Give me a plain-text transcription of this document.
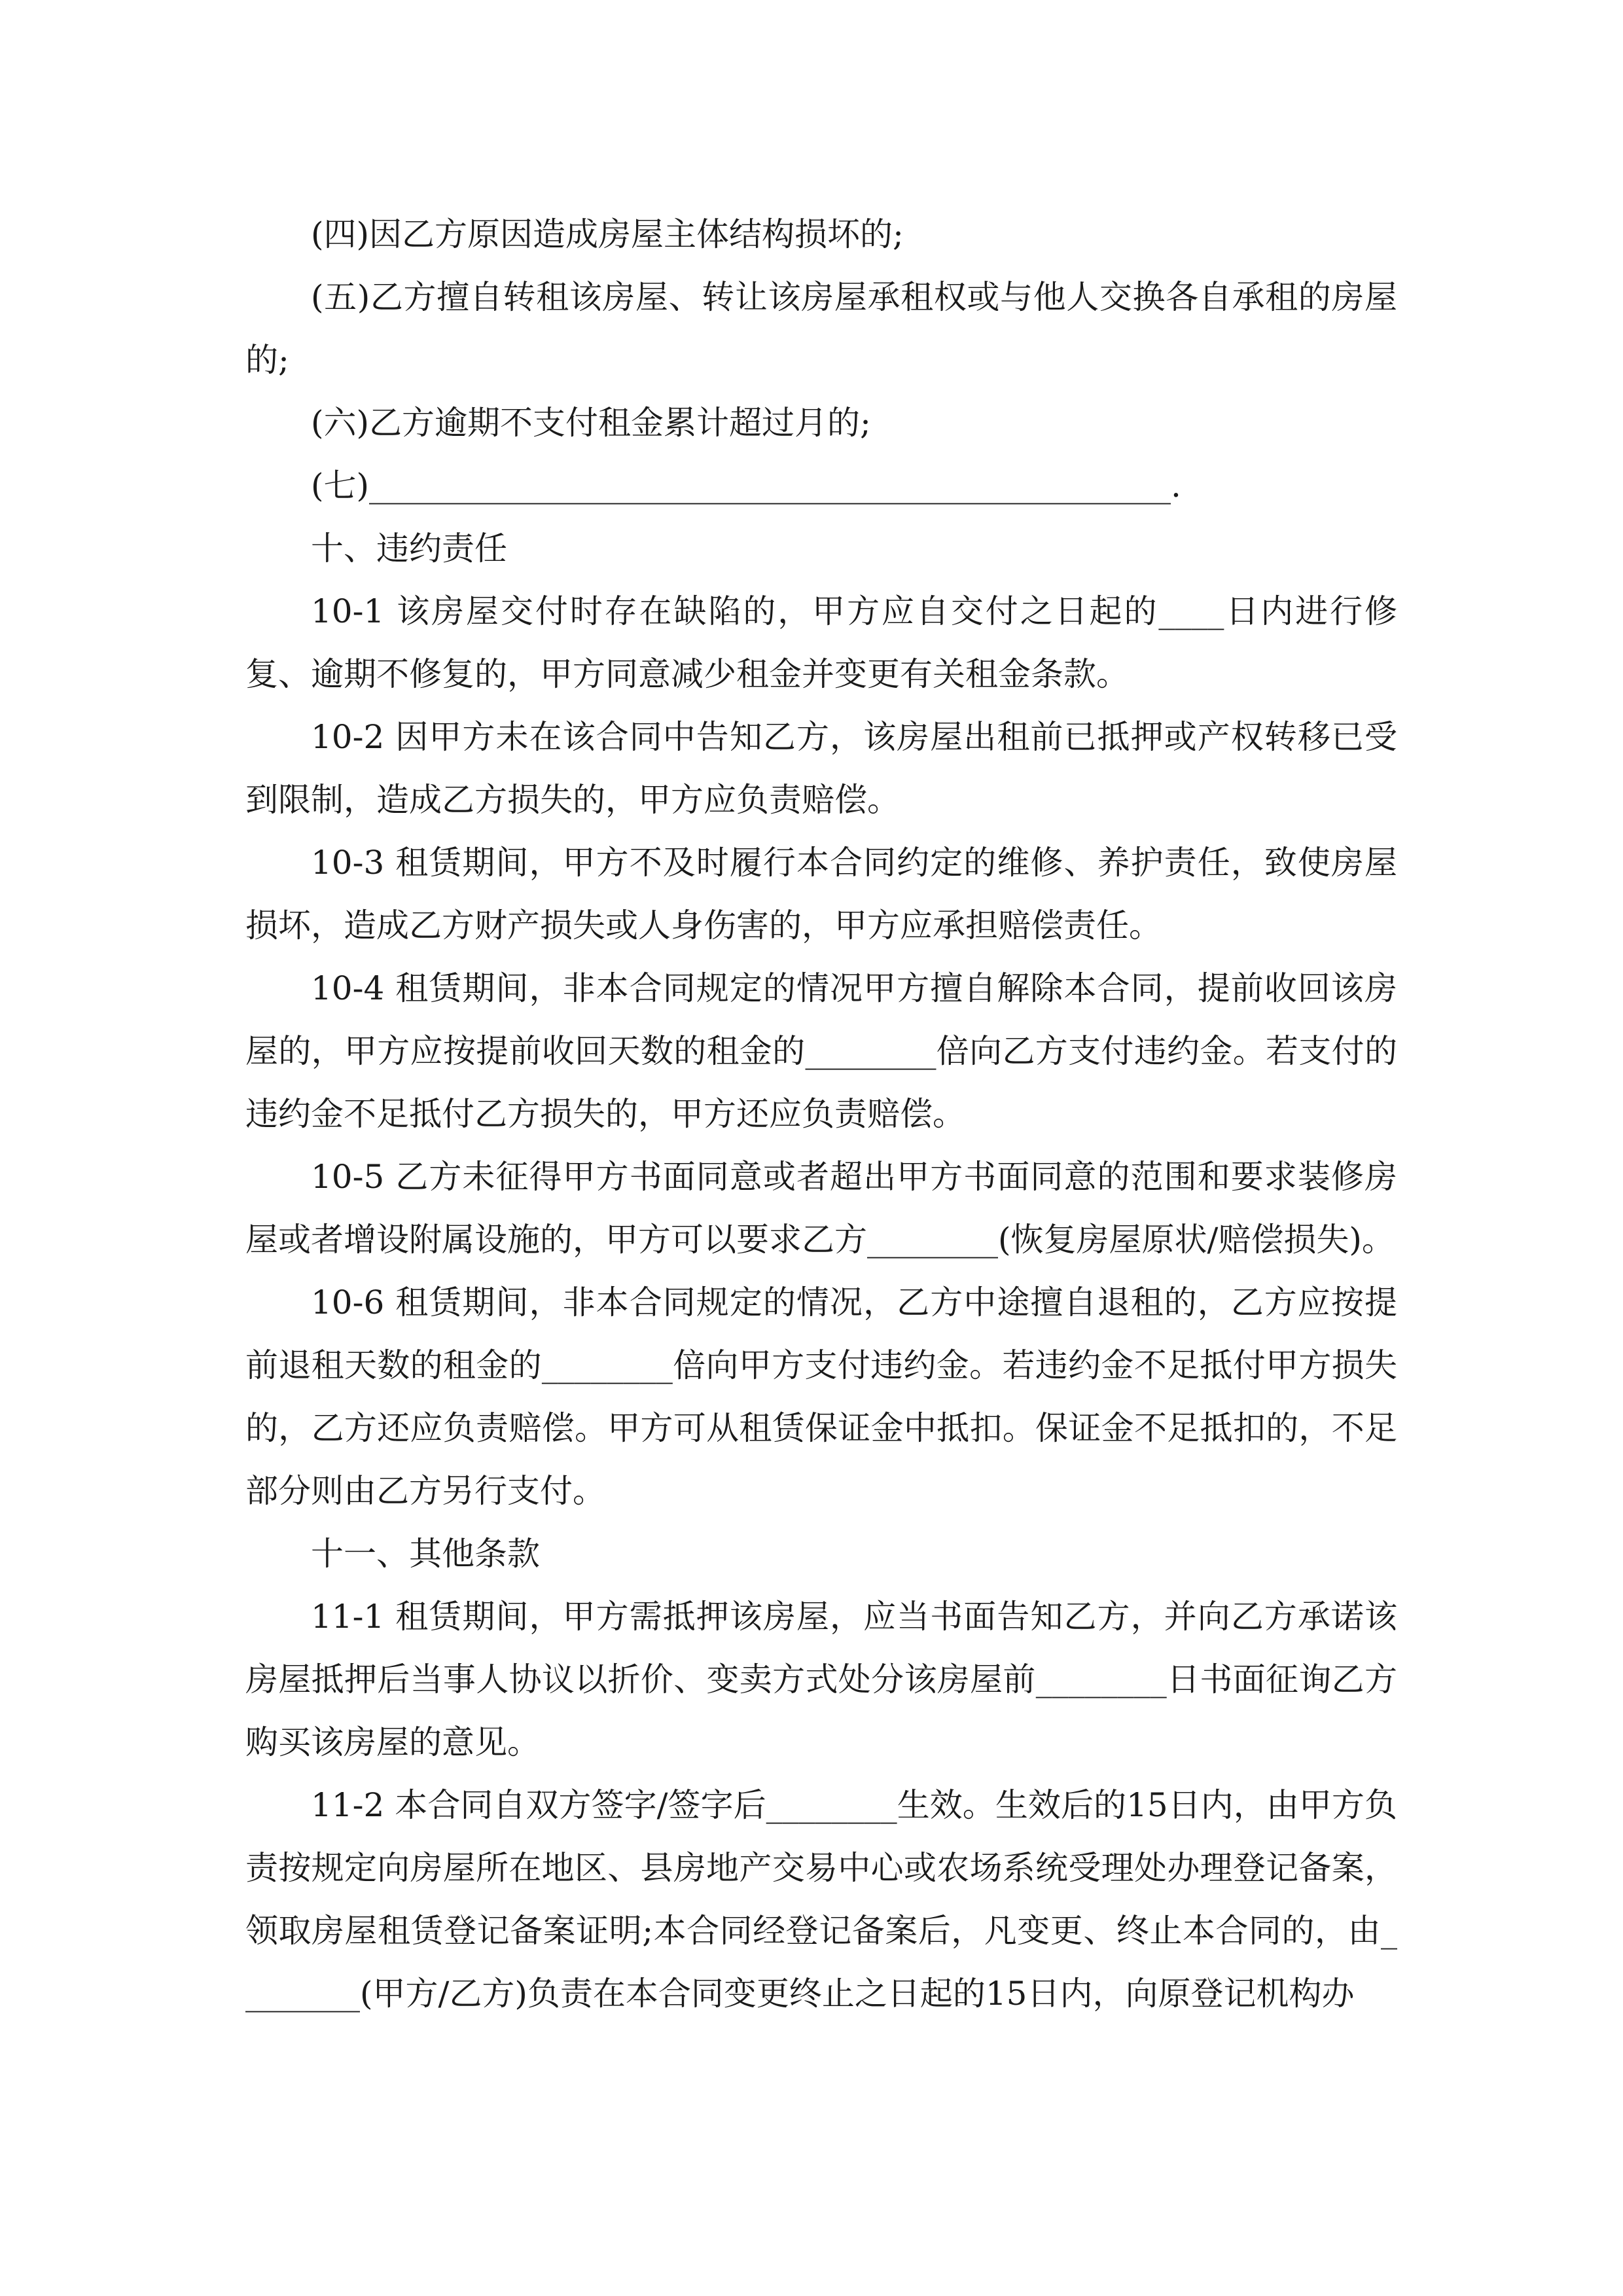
(四)因乙方原因造成房屋主体结构损坏的;

(五)乙方擅自转租该房屋、转让该房屋承租权或与他人交换各自承租的房屋的;

(六)乙方逾期不支付租金累计超过月的;

(七)_________________________________________________.

十、违约责任

10-1 该房屋交付时存在缺陷的，甲方应自交付之日起的____日内进行修复、逾期不修复的，甲方同意减少租金并变更有关租金条款。

10-2 因甲方未在该合同中告知乙方，该房屋出租前已抵押或产权转移已受到限制，造成乙方损失的，甲方应负责赔偿。

10-3 租赁期间，甲方不及时履行本合同约定的维修、养护责任，致使房屋损坏，造成乙方财产损失或人身伤害的，甲方应承担赔偿责任。

10-4 租赁期间，非本合同规定的情况甲方擅自解除本合同，提前收回该房屋的，甲方应按提前收回天数的租金的________倍向乙方支付违约金。若支付的违约金不足抵付乙方损失的，甲方还应负责赔偿。

10-5 乙方未征得甲方书面同意或者超出甲方书面同意的范围和要求装修房屋或者增设附属设施的，甲方可以要求乙方________(恢复房屋原状/赔偿损失)。

10-6 租赁期间，非本合同规定的情况，乙方中途擅自退租的，乙方应按提前退租天数的租金的________倍向甲方支付违约金。若违约金不足抵付甲方损失的，乙方还应负责赔偿。甲方可从租赁保证金中抵扣。保证金不足抵扣的，不足部分则由乙方另行支付。

十一、其他条款

11-1 租赁期间，甲方需抵押该房屋，应当书面告知乙方，并向乙方承诺该房屋抵押后当事人协议以折价、变卖方式处分该房屋前________日书面征询乙方购买该房屋的意见。

11-2 本合同自双方签字/签字后________生效。生效后的15日内，由甲方负责按规定向房屋所在地区、县房地产交易中心或农场系统受理处办理登记备案，领取房屋租赁登记备案证明;本合同经登记备案后，凡变更、终止本合同的，由________(甲方/乙方)负责在本合同变更终止之日起的15日内，向原登记机构办
